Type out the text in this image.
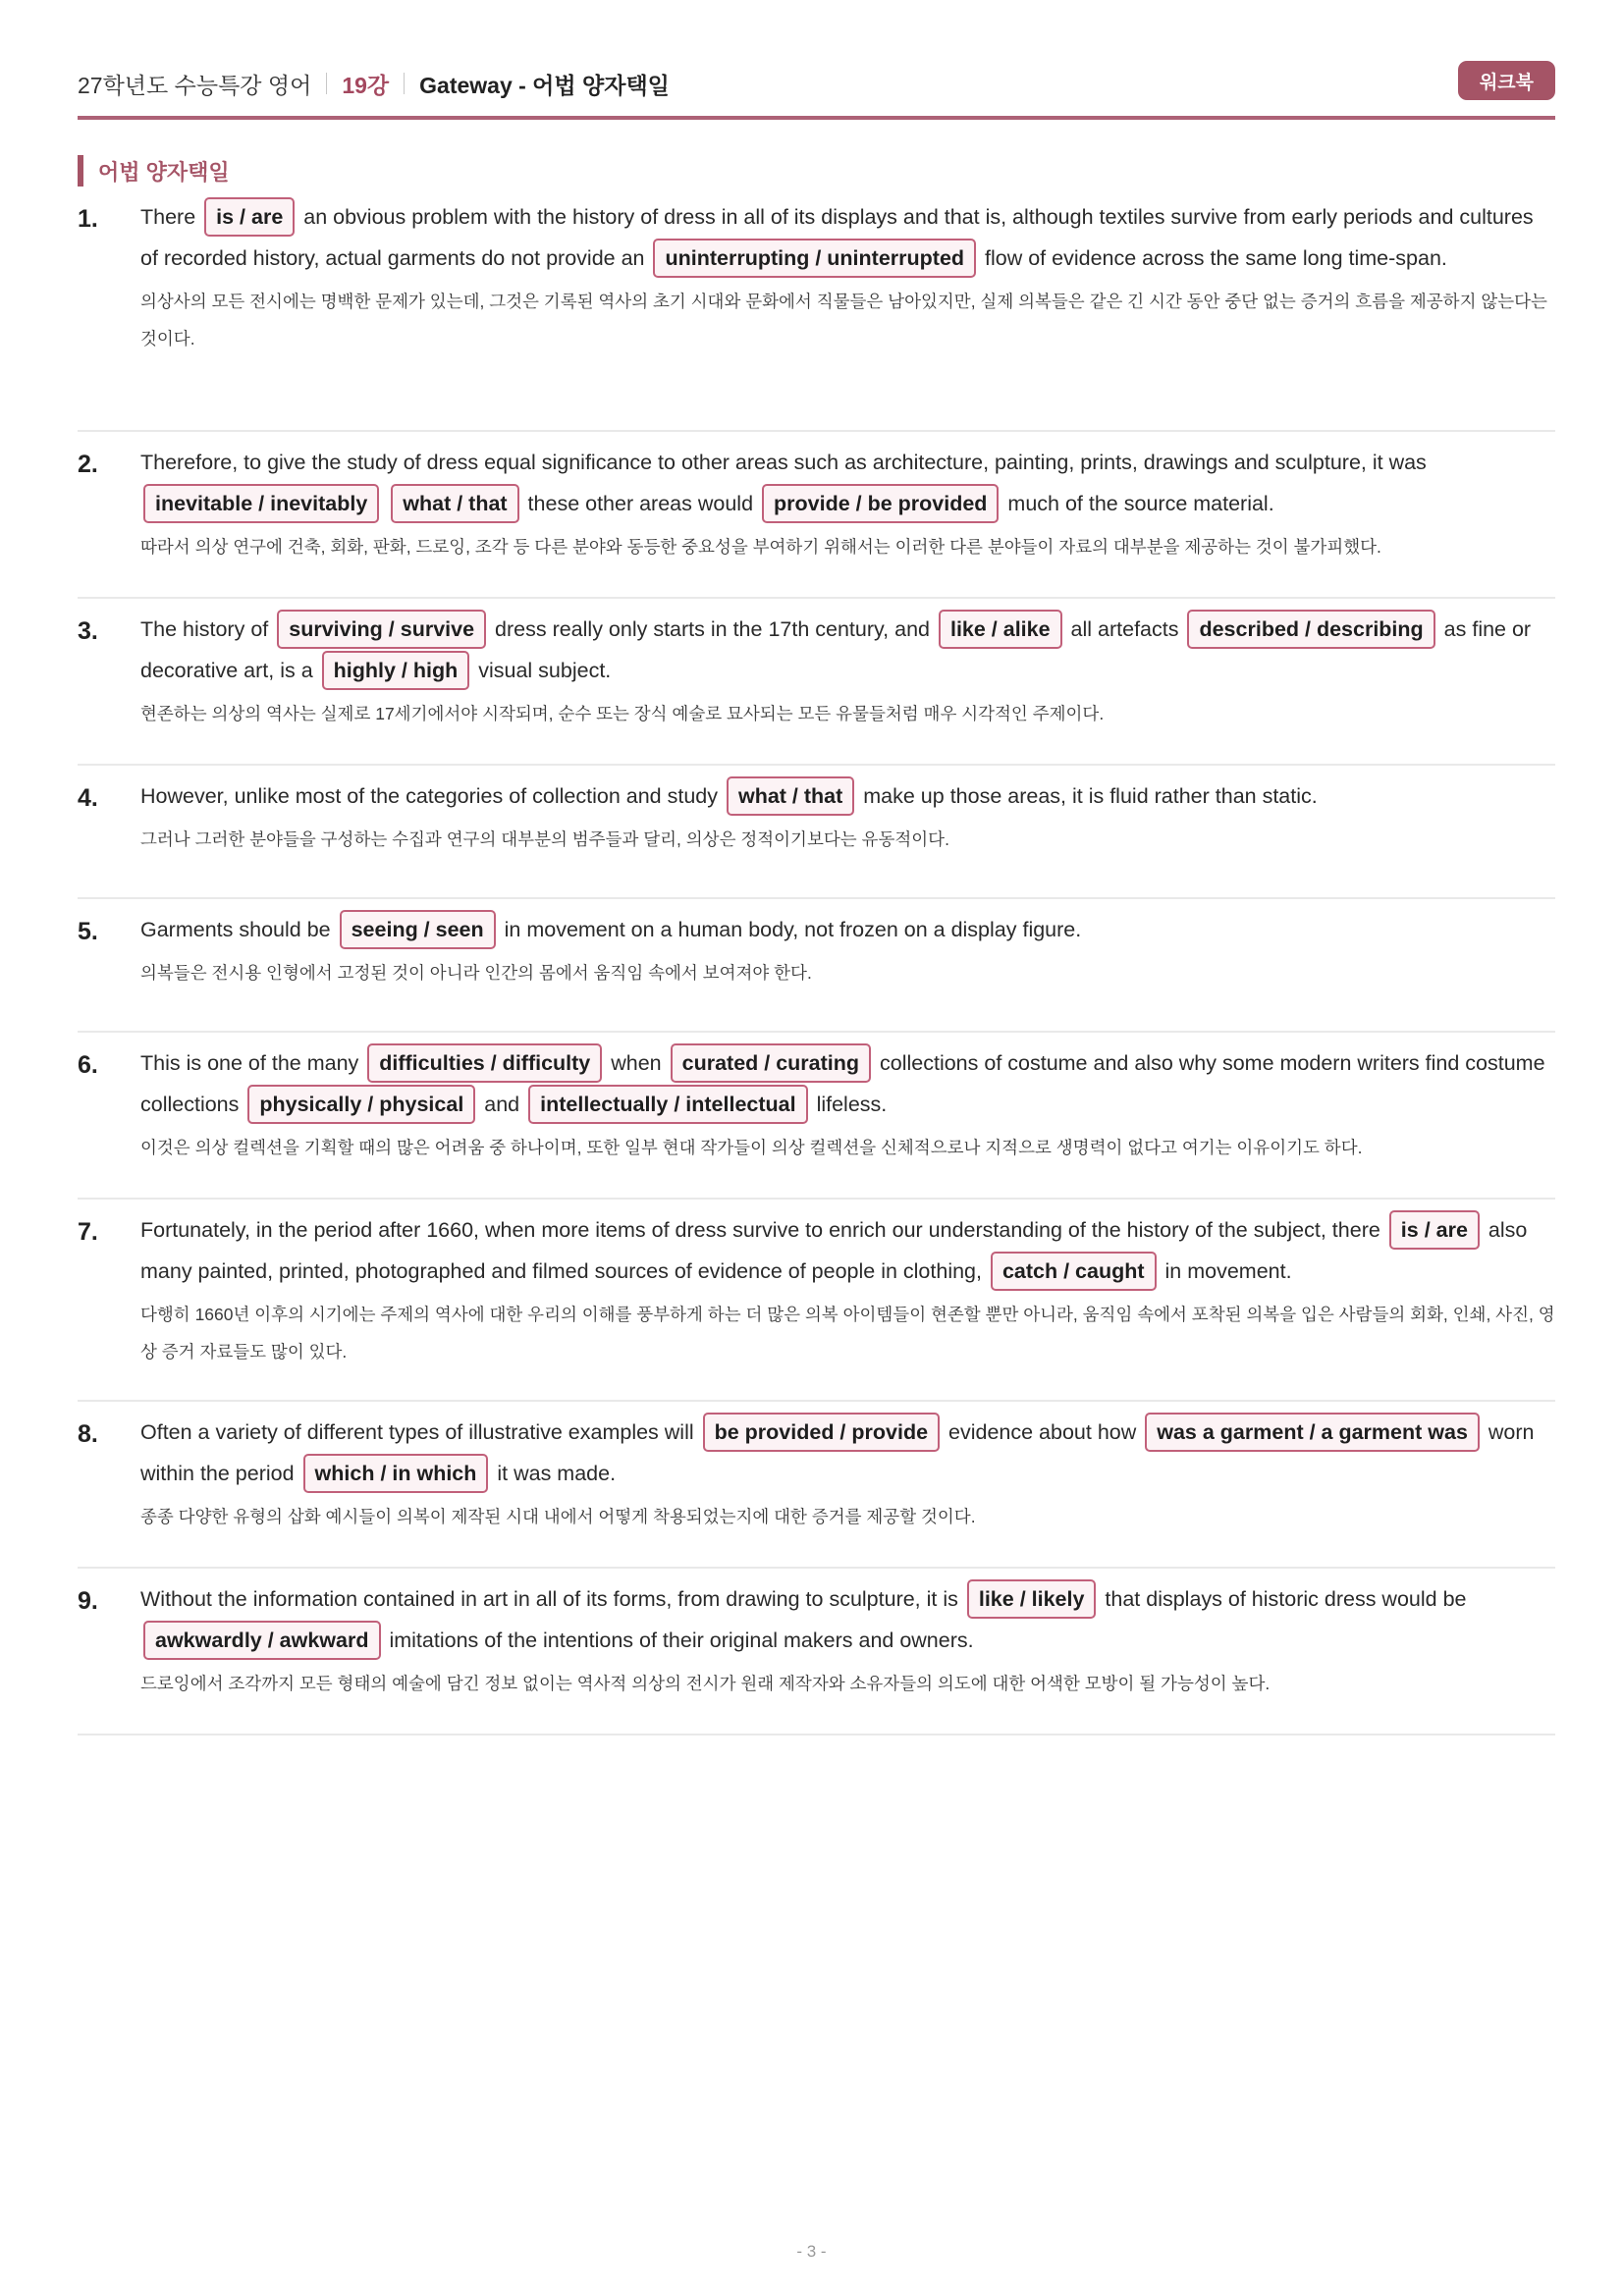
27학년도 수능특강 영어 19강 Gateway - 어법 양자택일	워크북
어법 양자택일
1. There is / are an obvious problem with the history of dress in all of its displays and that is, although textiles survive from early periods and cultures of recorded history, actual garments do not provide an uninterrupting / uninterrupted flow of evidence across the same long time-span.
의상사의 모든 전시에는 명백한 문제가 있는데, 그것은 기록된 역사의 초기 시대와 문화에서 직물들은 남아있지만, 실제 의복들은 같은 긴 시간 동안 중단 없는 증거의 흐름을 제공하지 않는다는 것이다.
2. Therefore, to give the study of dress equal significance to other areas such as architecture, painting, prints, drawings and sculpture, it was inevitable / inevitably what / that these other areas would provide / be provided much of the source material.
따라서 의상 연구에 건축, 회화, 판화, 드로잉, 조각 등 다른 분야와 동등한 중요성을 부여하기 위해서는 이러한 다른 분야들이 자료의 대부분을 제공하는 것이 불가피했다.
3. The history of surviving / survive dress really only starts in the 17th century, and like / alike all artefacts described / describing as fine or decorative art, is a highly / high visual subject.
현존하는 의상의 역사는 실제로 17세기에서야 시작되며, 순수 또는 장식 예술로 묘사되는 모든 유물들처럼 매우 시각적인 주제이다.
4. However, unlike most of the categories of collection and study what / that make up those areas, it is fluid rather than static.
그러나 그러한 분야들을 구성하는 수집과 연구의 대부분의 범주들과 달리, 의상은 정적이기보다는 유동적이다.
5. Garments should be seeing / seen in movement on a human body, not frozen on a display figure.
의복들은 전시용 인형에서 고정된 것이 아니라 인간의 몸에서 움직임 속에서 보여져야 한다.
6. This is one of the many difficulties / difficulty when curated / curating collections of costume and also why some modern writers find costume collections physically / physical and intellectually / intellectual lifeless.
이것은 의상 컬렉션을 기획할 때의 많은 어려움 중 하나이며, 또한 일부 현대 작가들이 의상 컬렉션을 신체적으로나 지적으로 생명력이 없다고 여기는 이유이기도 하다.
7. Fortunately, in the period after 1660, when more items of dress survive to enrich our understanding of the history of the subject, there is / are also many painted, printed, photographed and filmed sources of evidence of people in clothing, catch / caught in movement.
다행히 1660년 이후의 시기에는 주제의 역사에 대한 우리의 이해를 풍부하게 하는 더 많은 의복 아이템들이 현존할 뿐만 아니라, 움직임 속에서 포착된 의복을 입은 사람들의 회화, 인쇄, 사진, 영상 증거 자료들도 많이 있다.
8. Often a variety of different types of illustrative examples will be provided / provide evidence about how was a garment / a garment was worn within the period which / in which it was made.
종종 다양한 유형의 삽화 예시들이 의복이 제작된 시대 내에서 어떻게 착용되었는지에 대한 증거를 제공할 것이다.
9. Without the information contained in art in all of its forms, from drawing to sculpture, it is like / likely that displays of historic dress would be awkwardly / awkward imitations of the intentions of their original makers and owners.
드로잉에서 조각까지 모든 형태의 예술에 담긴 정보 없이는 역사적 의상의 전시가 원래 제작자와 소유자들의 의도에 대한 어색한 모방이 될 가능성이 높다.
- 3 -
